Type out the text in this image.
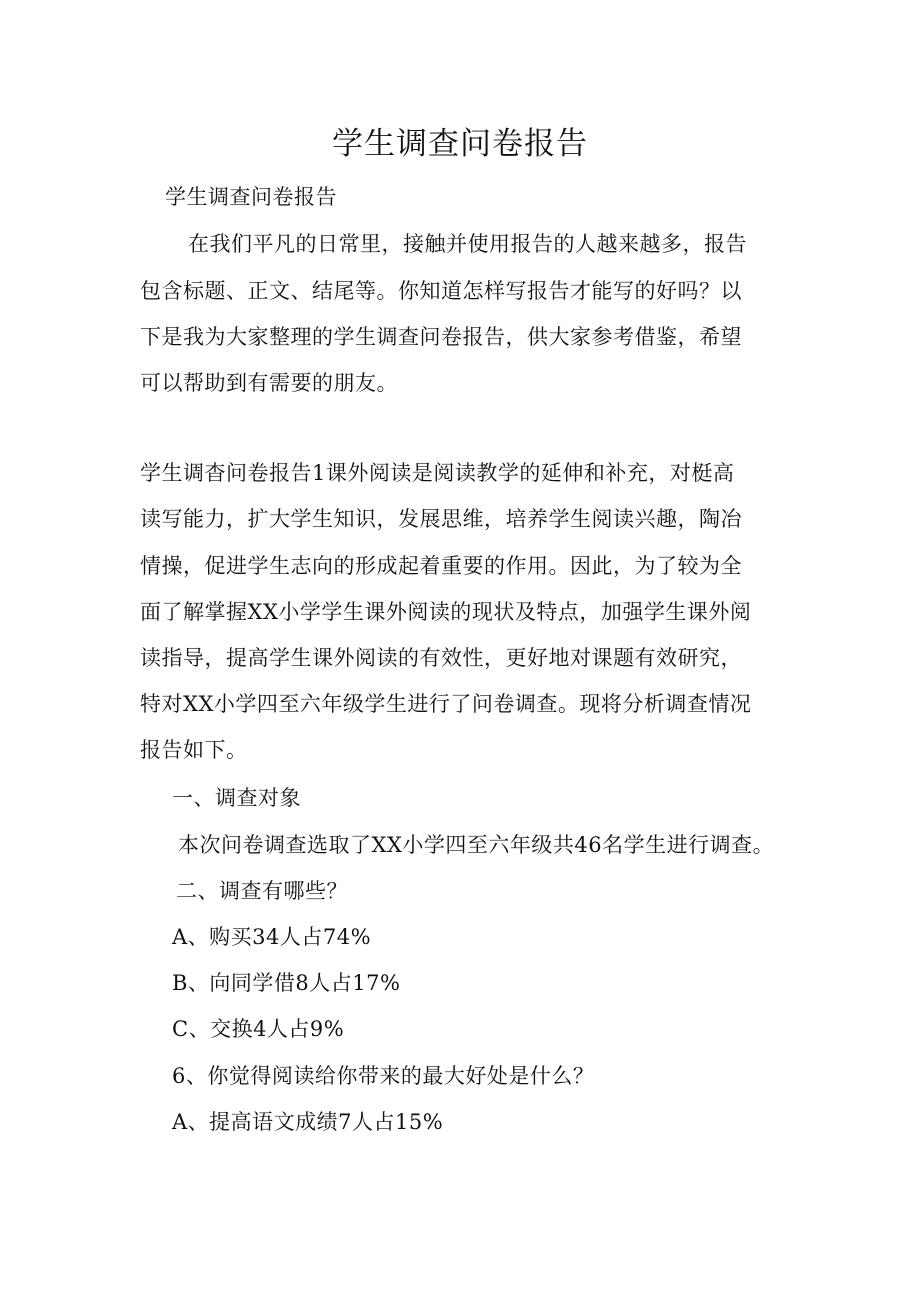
学生调查问卷报告

学生调查问卷报告

在我们平凡的日常里，接触并使用报告的人越来越多，报告

包含标题、正文、结尾等。你知道怎样写报告才能写的好吗？以

下是我为大家整理的学生调查问卷报告，供大家参考借鉴，希望

可以帮助到有需要的朋友。

学生调杳问卷报告1课外阅读是阅读教学的延伸和补充，对梃高

读写能力，扩大学生知识，发展思维，培养学生阅读兴趣，陶冶

情操，促进学生志向的形成起着重要的作用。因此，为了较为全

面了解掌握XX小学学生课外阅读的现状及特点，加强学生课外阅

读指导，提高学生课外阅读的有效性，更好地对课题有效研究，

特对XX小学四至六年级学生进行了问卷调查。现将分析调查情况

报告如下。

一、调查对象

本次问卷调查选取了XX小学四至六年级共46名学生进行调查。

二、调查有哪些？

A、购买34人占74%

B、向同学借8人占17%

C、交换4人占9%

6、你觉得阅读给你带来的最大好处是什么？

A、提高语文成绩7人占15%
